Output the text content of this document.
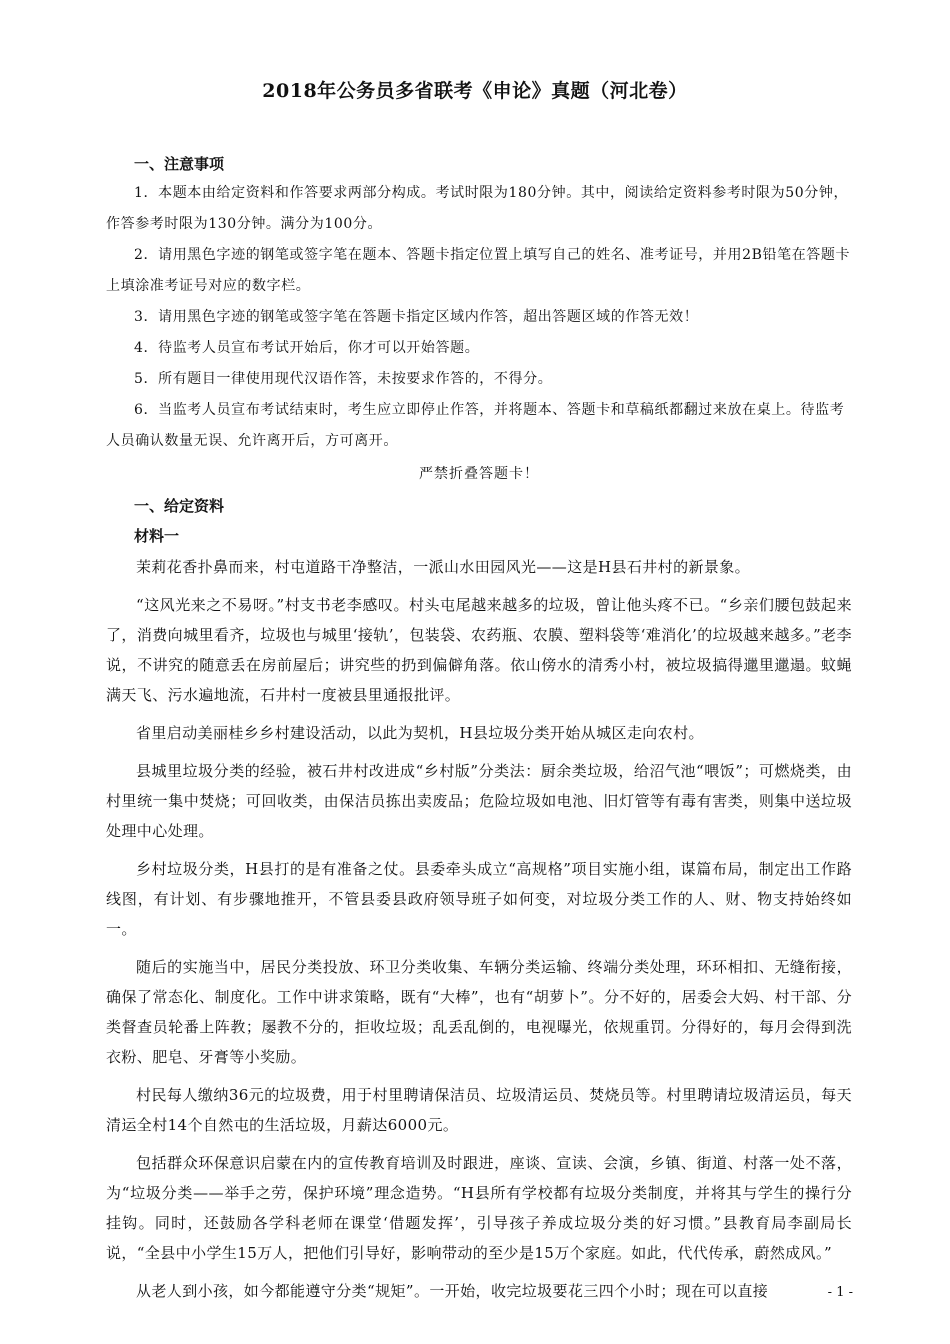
2018年公务员多省联考《申论》真题（河北卷）
一、注意事项

1．本题本由给定资料和作答要求两部分构成。考试时限为180分钟。其中，阅读给定资料参考时限为50分钟，作答参考时限为130分钟。满分为100分。

2．请用黑色字迹的钢笔或签字笔在题本、答题卡指定位置上填写自己的姓名、准考证号，并用2B铅笔在答题卡上填涂准考证号对应的数字栏。

3．请用黑色字迹的钢笔或签字笔在答题卡指定区域内作答，超出答题区域的作答无效！

4．待监考人员宣布考试开始后，你才可以开始答题。

5．所有题目一律使用现代汉语作答，未按要求作答的，不得分。

6．当监考人员宣布考试结束时，考生应立即停止作答，并将题本、答题卡和草稿纸都翻过来放在桌上。待监考人员确认数量无误、允许离开后，方可离开。

严禁折叠答题卡！

一、给定资料
材料一

茉莉花香扑鼻而来，村屯道路干净整洁，一派山水田园风光——这是H县石井村的新景象。

“这风光来之不易呀。”村支书老李感叹。村头屯尾越来越多的垃圾，曾让他头疼不已。“乡亲们腰包鼓起来了，消费向城里看齐，垃圾也与城里‘接轨’，包装袋、农药瓶、农膜、塑料袋等‘难消化’的垃圾越来越多。”老李说，不讲究的随意丢在房前屋后；讲究些的扔到偏僻角落。依山傍水的清秀小村，被垃圾搞得邋里邋遢。蚊蝇满天飞、污水遍地流，石井村一度被县里通报批评。

省里启动美丽桂乡乡村建设活动，以此为契机，H县垃圾分类开始从城区走向农村。

县城里垃圾分类的经验，被石井村改进成“乡村版”分类法：厨余类垃圾，给沼气池“喂饭”；可燃烧类，由村里统一集中焚烧；可回收类，由保洁员拣出卖废品；危险垃圾如电池、旧灯管等有毒有害类，则集中送垃圾处理中心处理。

乡村垃圾分类，H县打的是有准备之仗。县委牵头成立“高规格”项目实施小组，谋篇布局，制定出工作路线图，有计划、有步骤地推开，不管县委县政府领导班子如何变，对垃圾分类工作的人、财、物支持始终如一。

随后的实施当中，居民分类投放、环卫分类收集、车辆分类运输、终端分类处理，环环相扣、无缝衔接，确保了常态化、制度化。工作中讲求策略，既有“大棒”，也有“胡萝卜”。分不好的，居委会大妈、村干部、分类督查员轮番上阵教；屡教不分的，拒收垃圾；乱丢乱倒的，电视曝光，依规重罚。分得好的，每月会得到洗衣粉、肥皂、牙膏等小奖励。

村民每人缴纳36元的垃圾费，用于村里聘请保洁员、垃圾清运员、焚烧员等。村里聘请垃圾清运员，每天清运全村14个自然屯的生活垃圾，月薪达6000元。

包括群众环保意识启蒙在内的宣传教育培训及时跟进，座谈、宣读、会演，乡镇、街道、村落一处不落，为“垃圾分类——举手之劳，保护环境”理念造势。“H县所有学校都有垃圾分类制度，并将其与学生的操行分挂钩。同时，还鼓励各学科老师在课堂‘借题发挥’，引导孩子养成垃圾分类的好习惯。”县教育局李副局长说，“全县中小学生15万人，把他们引导好，影响带动的至少是15万个家庭。如此，代代传承，蔚然成风。”

从老人到小孩，如今都能遵守分类“规矩”。一开始，收完垃圾要花三四个小时；现在可以直接	- 1 -
